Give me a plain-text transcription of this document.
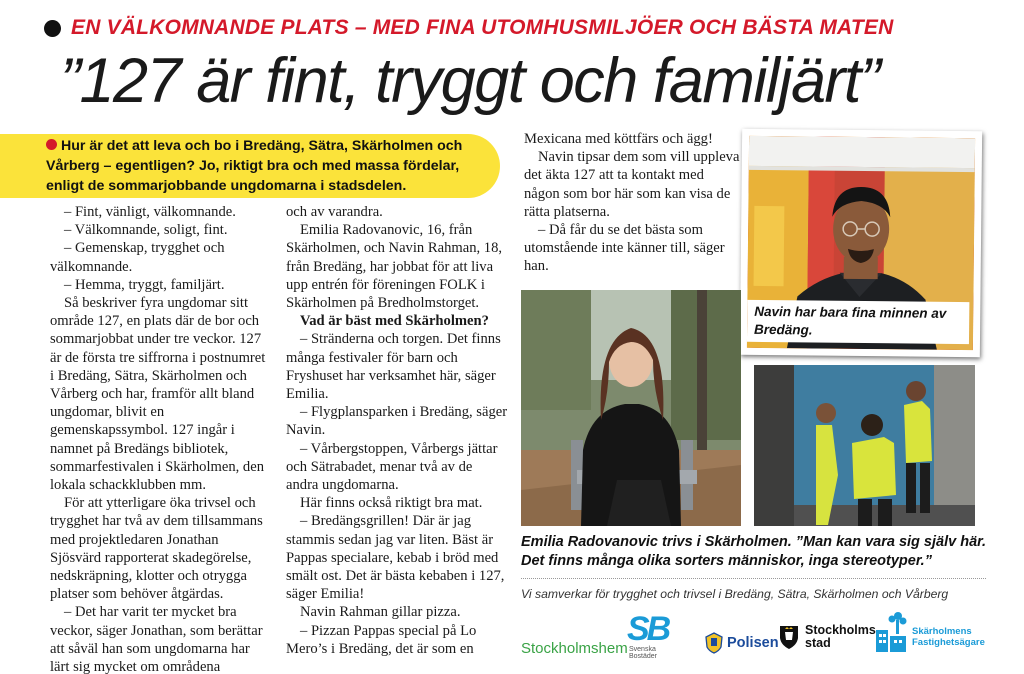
EN VÄLKOMNANDE PLATS – MED FINA UTOMHUSMILJÖER OCH BÄSTA MATEN
”127 är fint, tryggt och familjärt”
Hur är det att leva och bo i Bredäng, Sätra, Skärholmen och Vårberg – egentligen? Jo, riktigt bra och med massa fördelar, enligt de sommarjobbande ungdomarna i stadsdelen.

– Fint, vänligt, välkomnande.

– Välkomnande, soligt, fint.

– Gemenskap, trygghet och välkomnande.

– Hemma, tryggt, familjärt.

Så beskriver fyra ungdomar sitt område 127, en plats där de bor och sommarjobbat under tre veckor. 127 är de första tre siffrorna i postnumret i Bredäng, Sätra, Skärholmen och Vårberg och har, framför allt bland ungdomar, blivit en gemenskapssymbol. 127 ingår i namnet på Bredängs bibliotek, sommarfestivalen i Skärholmen, den lokala schackklubben mm.

För att ytterligare öka trivsel och trygghet har två av dem tillsammans med projektledaren Jonathan Sjösvärd rapporterat skadegörelse, nedskräpning, klotter och otrygga platser som behöver åtgärdas.

– Det har varit ter mycket bra veckor, säger Jonathan, som berättar att såväl han som ungdomarna har lärt sig mycket om områdena

och av varandra.

Emilia Radovanovic, 16, från Skärholmen, och Navin Rahman, 18, från Bredäng, har jobbat för att liva upp entrén för föreningen FOLK i Skärholmen på Bredholmstorget.

Vad är bäst med Skärholmen?

– Stränderna och torgen. Det finns många festivaler för barn och Fryshuset har verksamhet här, säger Emilia.

– Flygplansparken i Bredäng, säger Navin.

– Vårbergstoppen, Vårbergs jättar och Sätrabadet, menar två av de andra ungdomarna.

Här finns också riktigt bra mat.

– Bredängsgrillen! Där är jag stammis sedan jag var liten. Bäst är Pappas specialare, kebab i bröd med smält ost. Det är bästa kebaben i 127, säger Emilia!

Navin Rahman gillar pizza.

– Pizzan Pappas special på Lo Mero’s i Bredäng, det är som en

Mexicana med köttfärs och ägg!

Navin tipsar dem som vill uppleva det äkta 127 att ta kontakt med någon som bor här som kan visa de rätta platserna.

– Då får du se det bästa som utomstående inte känner till, säger han.

Navin har bara fina minnen av Bredäng.
Emilia Radovanovic trivs i Skärholmen. ”Man kan vara sig själv här. Det finns många olika sorters människor, inga stereotyper.”
Vi samverkar för trygghet och trivsel i Bredäng, Sätra, Skärholmen och Vårberg
Stockholmshem
SB
Svenska Bostäder
Polisen
Stockholms
stad
Skärholmens
Fastighetsägare
